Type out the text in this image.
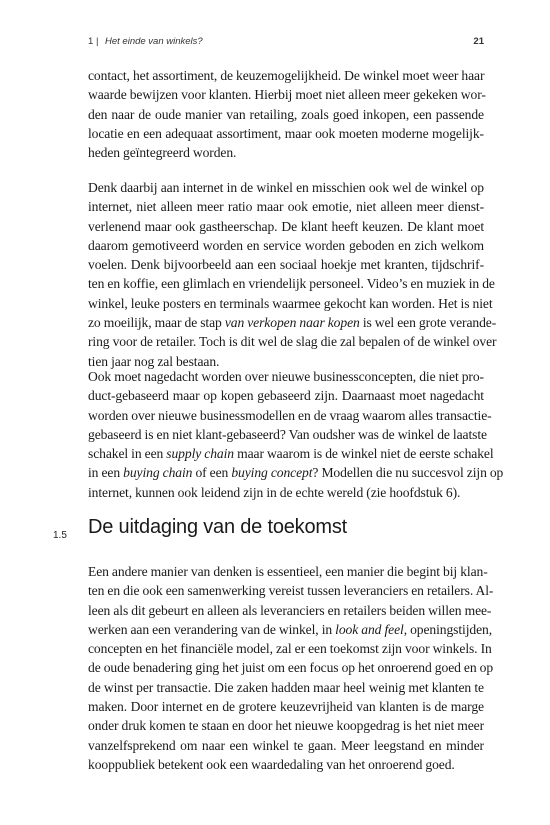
1 | Het einde van winkels?	21
contact, het assortiment, de keuzemogelijkheid. De winkel moet weer haar
waarde bewijzen voor klanten. Hierbij moet niet alleen meer gekeken wor-
den naar de oude manier van retailing, zoals goed inkopen, een passende
locatie en een adequaat assortiment, maar ook moeten moderne mogelijk-
heden geïntegreerd worden.
Denk daarbij aan internet in de winkel en misschien ook wel de winkel op
internet, niet alleen meer ratio maar ook emotie, niet alleen meer dienst-
verlenend maar ook gastheerschap. De klant heeft keuzen. De klant moet
daarom gemotiveerd worden en service worden geboden en zich welkom
voelen. Denk bijvoorbeeld aan een sociaal hoekje met kranten, tijdschrif-
ten en koffie, een glimlach en vriendelijk personeel. Video’s en muziek in de
winkel, leuke posters en terminals waarmee gekocht kan worden. Het is niet
zo moeilijk, maar de stap van verkopen naar kopen is wel een grote verande-
ring voor de retailer. Toch is dit wel de slag die zal bepalen of de winkel over
tien jaar nog zal bestaan.
Ook moet nagedacht worden over nieuwe businessconcepten, die niet pro-
duct-gebaseerd maar op kopen gebaseerd zijn. Daarnaast moet nagedacht
worden over nieuwe businessmodellen en de vraag waarom alles transactie-
gebaseerd is en niet klant-gebaseerd? Van oudsher was de winkel de laatste
schakel in een supply chain maar waarom is de winkel niet de eerste schakel
in een buying chain of een buying concept? Modellen die nu succesvol zijn op
internet, kunnen ook leidend zijn in de echte wereld (zie hoofdstuk 6).
1.5 De uitdaging van de toekomst
Een andere manier van denken is essentieel, een manier die begint bij klan-
ten en die ook een samenwerking vereist tussen leveranciers en retailers. Al-
leen als dit gebeurt en alleen als leveranciers en retailers beiden willen mee-
werken aan een verandering van de winkel, in look and feel, openingstijden,
concepten en het financiële model, zal er een toekomst zijn voor winkels. In
de oude benadering ging het juist om een focus op het onroerend goed en op
de winst per transactie. Die zaken hadden maar heel weinig met klanten te
maken. Door internet en de grotere keuzevrijheid van klanten is de marge
onder druk komen te staan en door het nieuwe koopgedrag is het niet meer
vanzelfsprekend om naar een winkel te gaan. Meer leegstand en minder
kooppubliek betekent ook een waardedaling van het onroerend goed.
